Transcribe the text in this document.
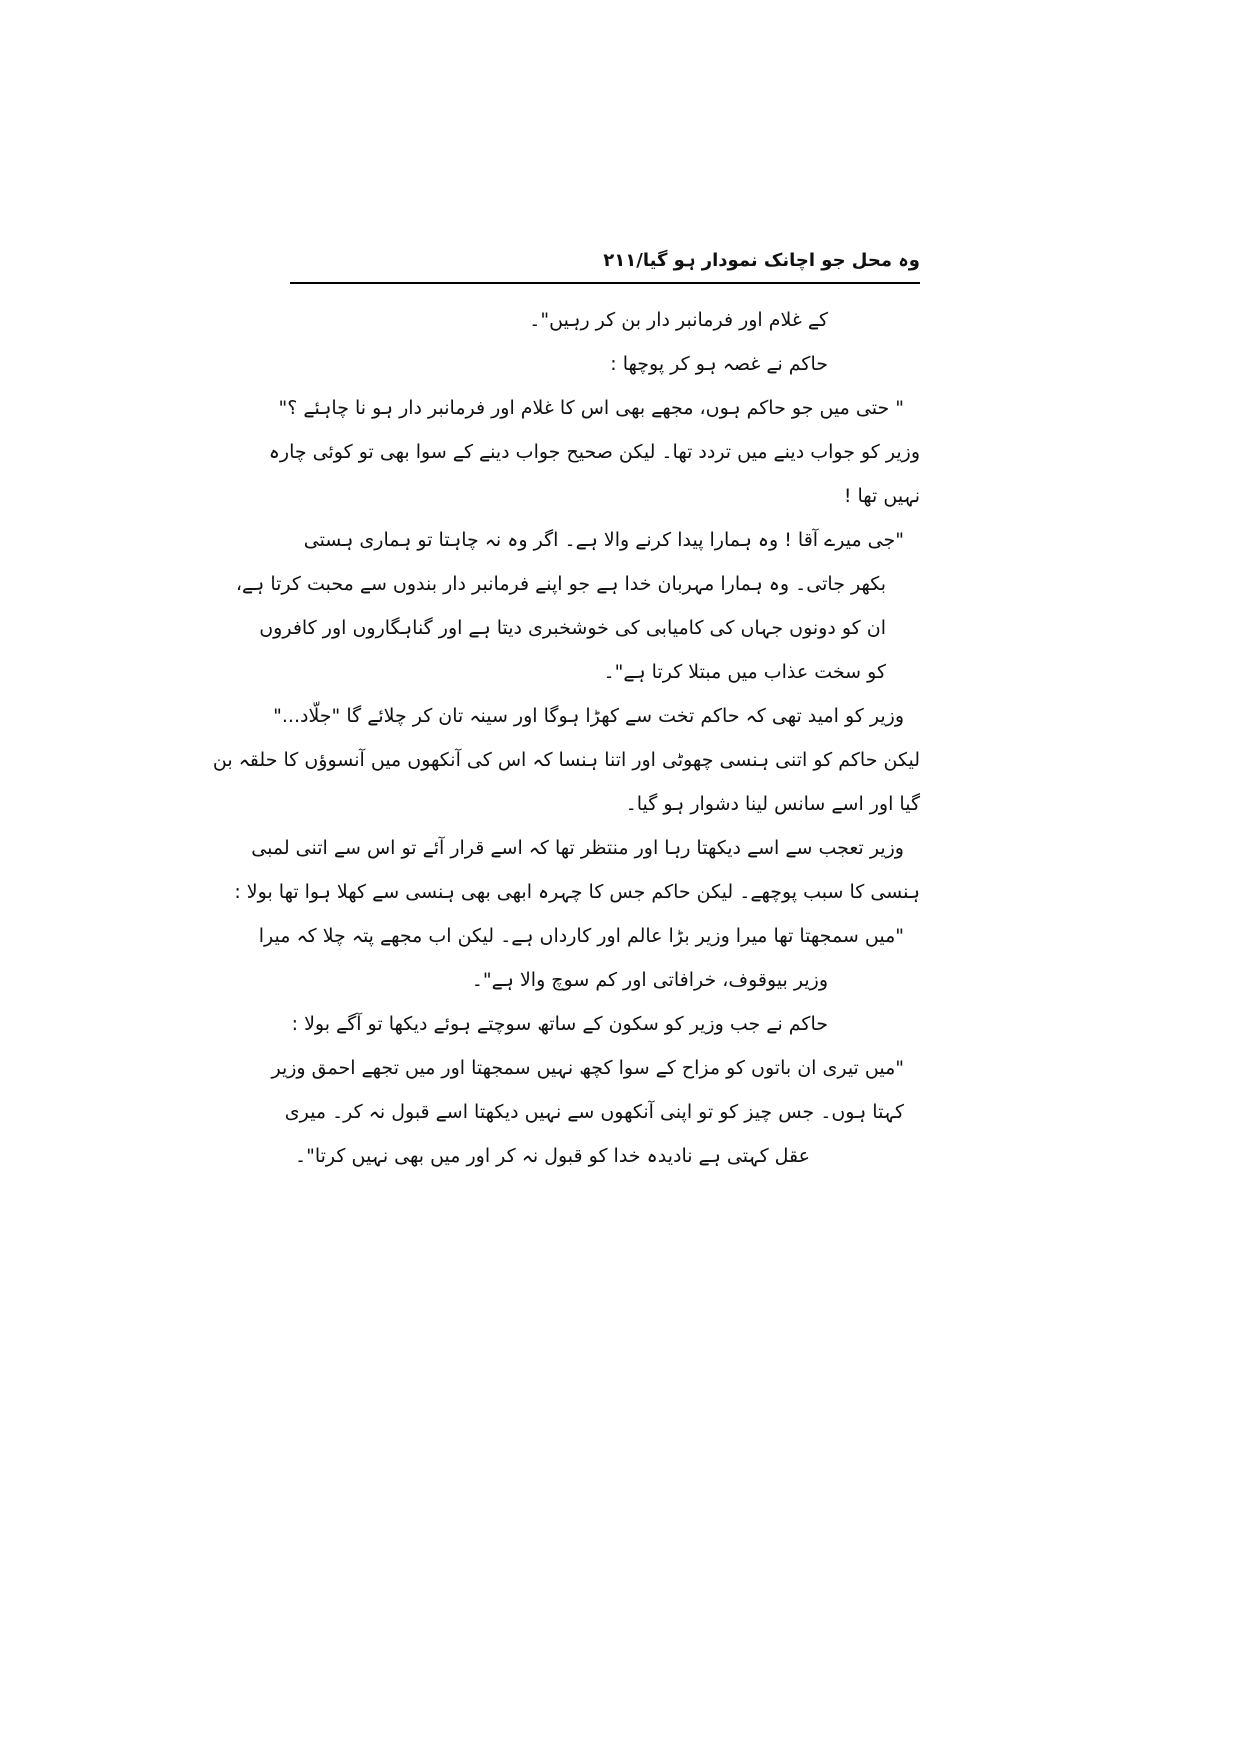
وہ محل جو اچانک نمودار ہو گیا/۲۱۱
کے غلام اور فرمانبر دار بن کر رہیں"۔
حاکم نے غصہ ہو کر پوچھا :
" حتی میں جو حاکم ہوں، مجھے بھی اس کا غلام اور فرمانبر دار ہو نا چاہئے ؟"
وزیر کو جواب دینے میں تردد تھا۔ لیکن صحیح جواب دینے کے سوا بھی تو کوئی چارہ
نہیں تھا !
"جی میرے آقا ! وہ ہمارا پیدا کرنے والا ہے۔ اگر وہ نہ چاہتا تو ہماری ہستی
بکھر جاتی۔ وہ ہمارا مہربان خدا ہے جو اپنے فرمانبر دار بندوں سے محبت کرتا ہے،
ان کو دونوں جہاں کی کامیابی کی خوشخبری دیتا ہے اور گناہگاروں اور کافروں
کو سخت عذاب میں مبتلا کرتا ہے"۔
وزیر کو امید تھی کہ حاکم تخت سے کھڑا ہوگا اور سینہ تان کر چلائے گا "جلّاد..."
لیکن حاکم کو اتنی ہنسی چھوٹی اور اتنا ہنسا کہ اس کی آنکھوں میں آنسوؤں کا حلقہ بن
گیا اور اسے سانس لینا دشوار ہو گیا۔
وزیر تعجب سے اسے دیکھتا رہا اور منتظر تھا کہ اسے قرار آئے تو اس سے اتنی لمبی
ہنسی کا سبب پوچھے۔ لیکن حاکم جس کا چہرہ ابھی بھی ہنسی سے کھلا ہوا تھا بولا :
"میں سمجھتا تھا میرا وزیر بڑا عالم اور کارداں ہے۔ لیکن اب مجھے پتہ چلا کہ میرا
وزیر بیوقوف، خرافاتی اور کم سوچ والا ہے"۔
حاکم نے جب وزیر کو سکون کے ساتھ سوچتے ہوئے دیکھا تو آگے بولا :
"میں تیری ان باتوں کو مزاح کے سوا کچھ نہیں سمجھتا اور میں تجھے احمق وزیر
کہتا ہوں۔ جس چیز کو تو اپنی آنکھوں سے نہیں دیکھتا اسے قبول نہ کر۔ میری
عقل کہتی ہے نادیدہ خدا کو قبول نہ کر اور میں بھی نہیں کرتا"۔
